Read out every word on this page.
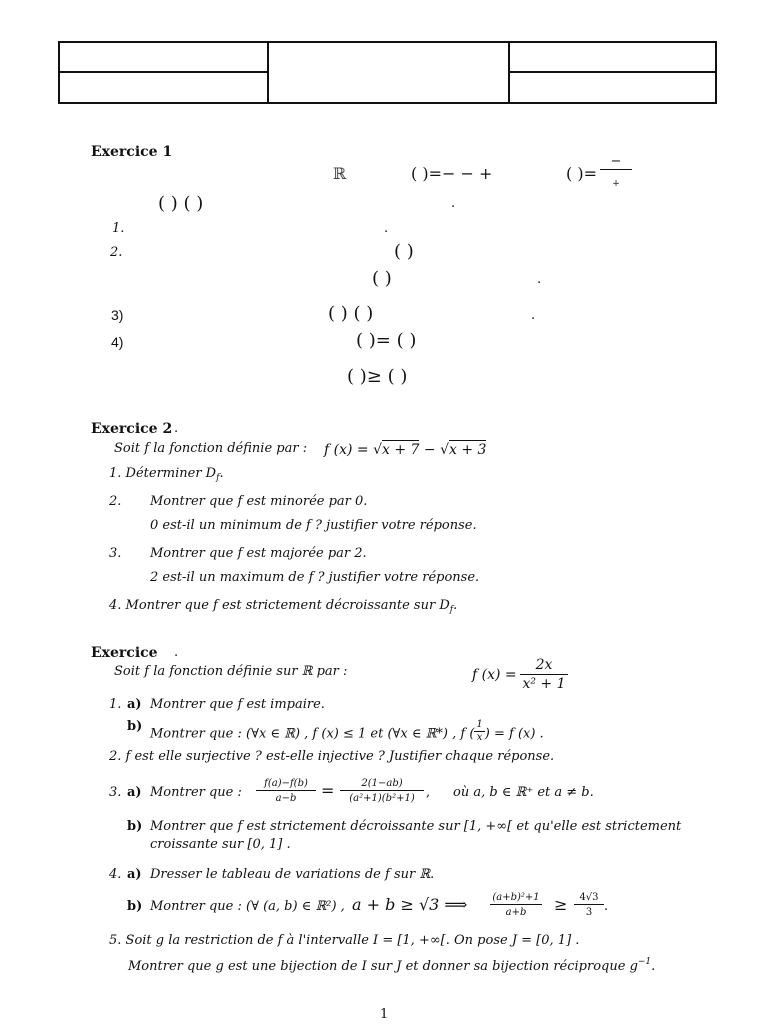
Exercice 1
ℝ	( )=− − +	( )=
−
+
( ) ( )	.
1.	.
2.	( )
( )	.
3)	( ) ( )	.
4)	( )= ( )
( )≥ ( )
Exercice 2 .
Soit f la fonction définie par : f (x) = √x + 7 − √x + 3
1. Déterminer $D_f$.
2. Montrer que f est minorée par 0.
0 est-il un minimum de f ? justifier votre réponse.
3. Montrer que f est majorée par 2.
2 est-il un maximum de f ? justifier votre réponse.
4. Montrer que f est strictement décroissante sur $D_f$.
Exercice .
Soit f la fonction définie sur ℝ par :	f (x) =
2x
x² + 1
1. a) Montrer que f est impaire.
b) Montrer que : (∀x ∈ ℝ) , f (x) ≤ 1 et (∀x ∈ ℝ*) , f ( $\frac{1}{x}$ ) = f (x) .
2. f est elle surjective ? est-elle injective ? Justifier chaque réponse.
3. a) Montrer que :
f(a)−f(b)
a−b	=	2(1−ab)
(a²+1)(b²+1) , où a, b ∈ ℝ⁺ et a ≠ b.
b) Montrer que f est strictement décroissante sur [1, +∞[ et qu'elle est strictement
croissante sur [0, 1] .
4. a) Dresser le tableau de variations de f sur ℝ.
b) Montrer que : (∀ (a, b) ∈ ℝ²) , a + b ≥ √3 ⟹	(a+b)²+1
a+b	≥	4√3
3 .
5. Soit g la restriction de f à l'intervalle I = [1, +∞[. On pose J = [0, 1] .
Montrer que g est une bijection de I sur J et donner sa bijection réciproque $g^{-1}$.
1
